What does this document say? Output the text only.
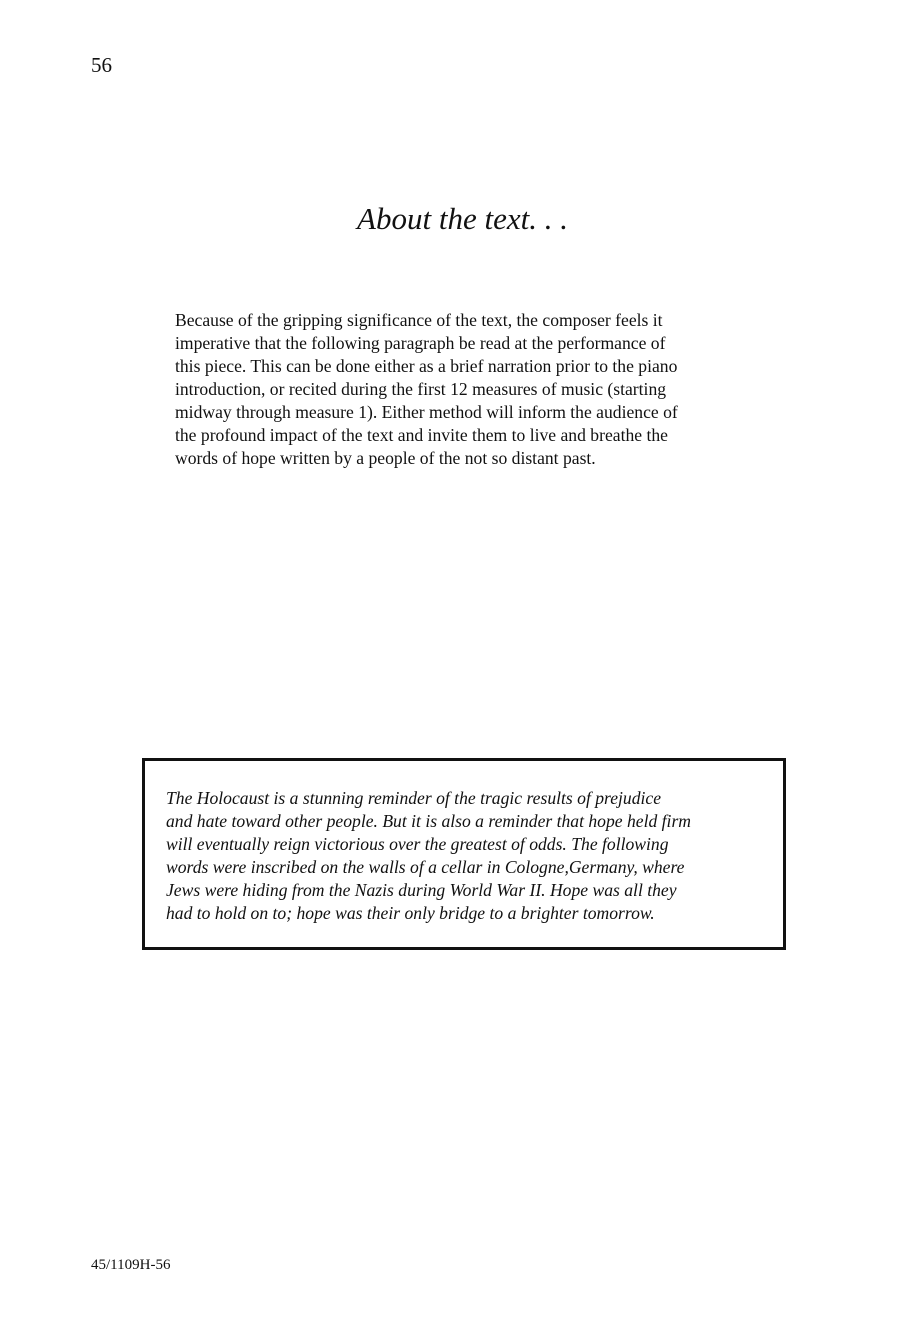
56
About the text. . .
Because of the gripping significance of the text, the composer feels it
imperative that the following paragraph be read at the performance of
this piece. This can be done either as a brief narration prior to the piano
introduction, or recited during the first 12 measures of music (starting
midway through measure 1). Either method will inform the audience of
the profound impact of the text and invite them to live and breathe the
words of hope written by a people of the not so distant past.
The Holocaust is a stunning reminder of the tragic results of prejudice
and hate toward other people. But it is also a reminder that hope held firm
will eventually reign victorious over the greatest of odds. The following
words were inscribed on the walls of a cellar in Cologne,Germany, where
Jews were hiding from the Nazis during World War II. Hope was all they
had to hold on to; hope was their only bridge to a brighter tomorrow.
45/1109H-56
